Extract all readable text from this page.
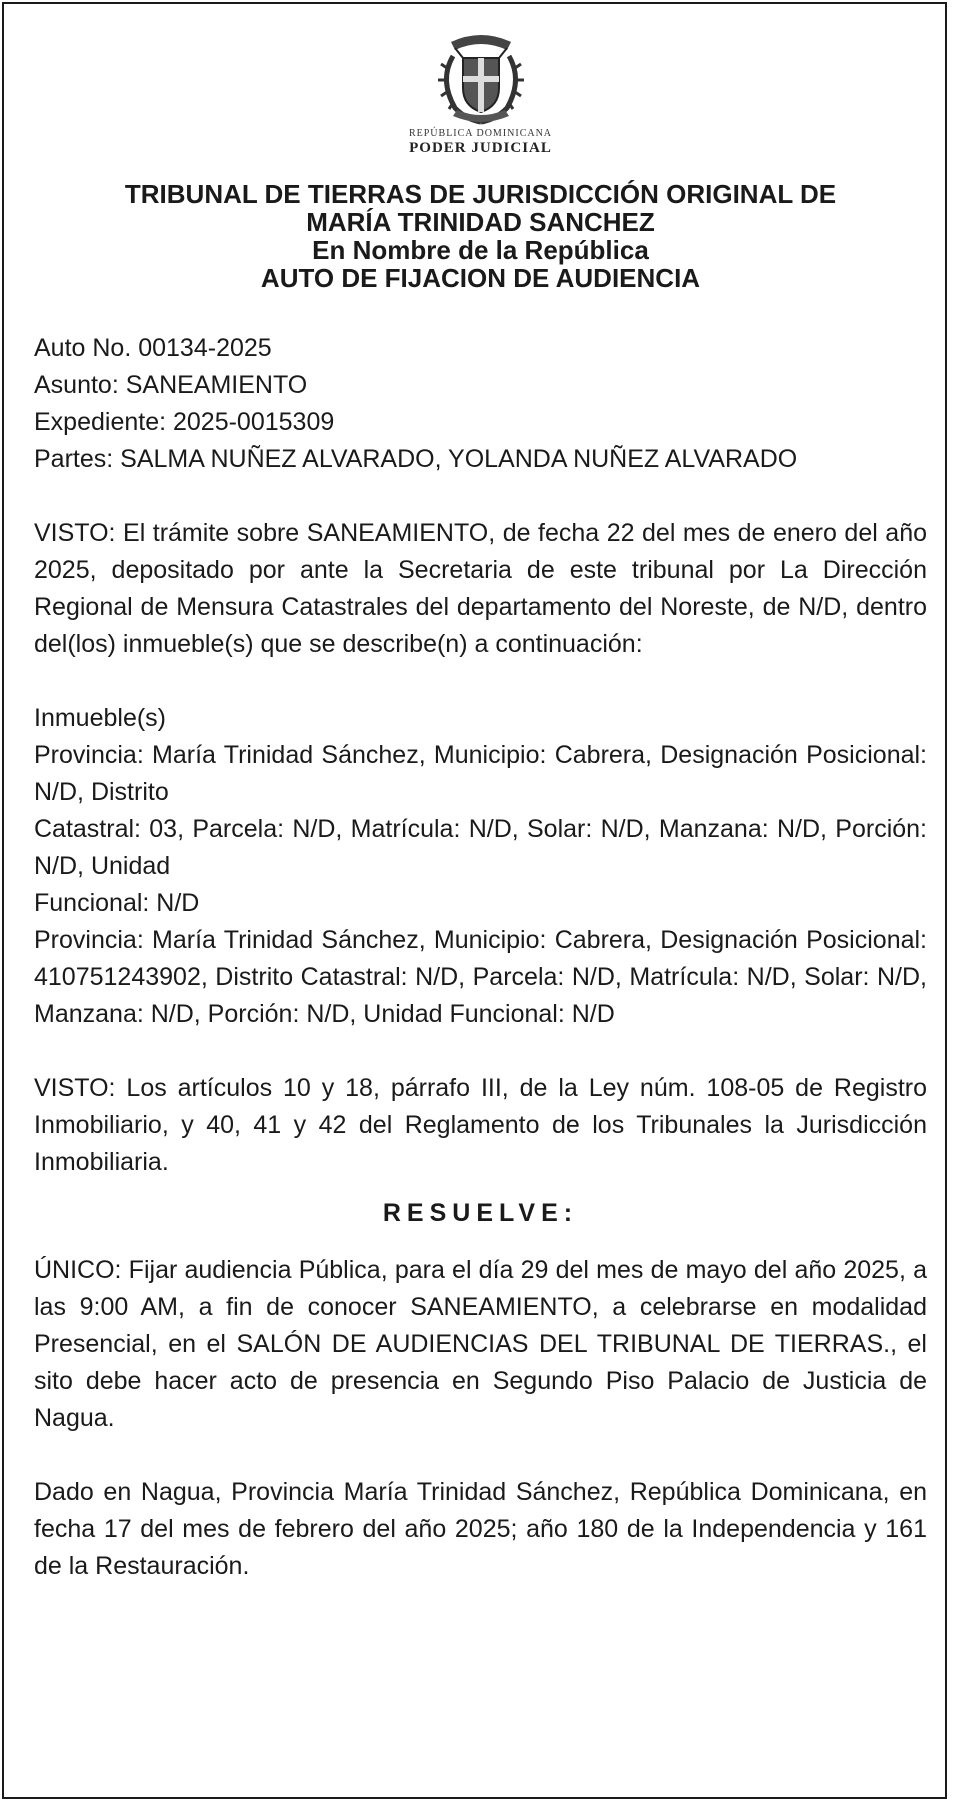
REPÚBLICA DOMINICANA
PODER JUDICIAL
TRIBUNAL DE TIERRAS DE JURISDICCIÓN ORIGINAL DE
MARÍA TRINIDAD SANCHEZ
En Nombre de la República
AUTO DE FIJACION DE AUDIENCIA

Auto No. 00134-2025

Asunto: SANEAMIENTO

Expediente: 2025-0015309

Partes: SALMA NUÑEZ ALVARADO, YOLANDA NUÑEZ ALVARADO

VISTO: El trámite sobre SANEAMIENTO, de fecha 22 del mes de enero del año 2025, depositado por ante la Secretaria de este tribunal por La Dirección Regional de Mensura Catastrales del departamento del Noreste, de N/D, dentro del(los) inmueble(s) que se describe(n) a continuación:

Inmueble(s)

Provincia: María Trinidad Sánchez, Municipio: Cabrera, Designación Posicional: N/D, Distrito

Catastral: 03, Parcela: N/D, Matrícula: N/D, Solar: N/D, Manzana: N/D, Porción: N/D, Unidad

Funcional: N/D

Provincia: María Trinidad Sánchez, Municipio: Cabrera, Designación Posicional: 410751243902, Distrito Catastral: N/D, Parcela: N/D, Matrícula: N/D, Solar: N/D, Manzana: N/D, Porción: N/D, Unidad Funcional: N/D

VISTO: Los artículos 10 y 18, párrafo III, de la Ley núm. 108-05 de Registro Inmobiliario, y 40, 41 y 42 del Reglamento de los Tribunales la Jurisdicción Inmobiliaria.

RESUELVE:

ÚNICO: Fijar audiencia Pública, para el día 29 del mes de mayo del año 2025, a las 9:00 AM, a fin de conocer SANEAMIENTO, a celebrarse en modalidad Presencial, en el SALÓN DE AUDIENCIAS DEL TRIBUNAL DE TIERRAS., el sito debe hacer acto de presencia en Segundo Piso Palacio de Justicia de Nagua.

Dado en Nagua, Provincia María Trinidad Sánchez, República Dominicana, en fecha 17 del mes de febrero del año 2025; año 180 de la Independencia y 161 de la Restauración.
